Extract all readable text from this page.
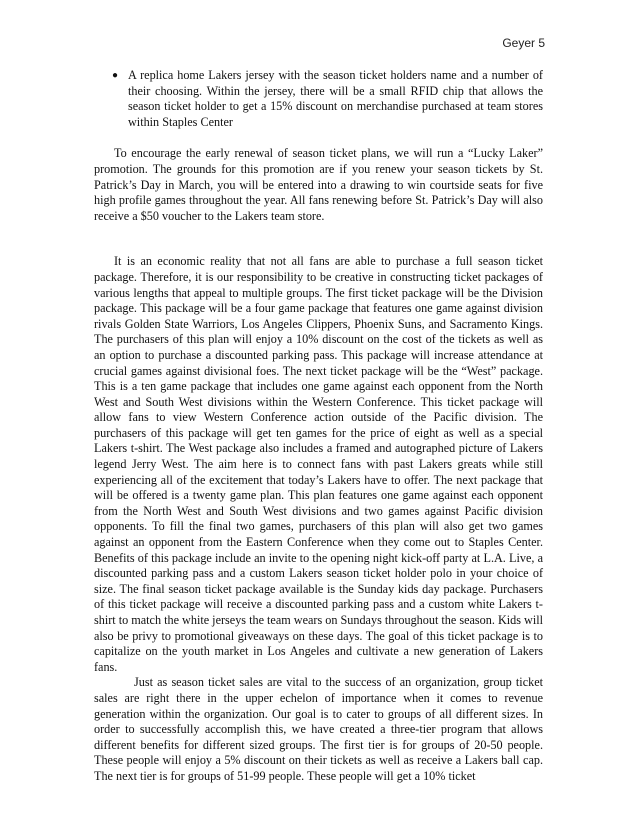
Geyer 5
● A replica home Lakers jersey with the season ticket holders name and a number of their choosing. Within the jersey, there will be a small RFID chip that allows the season ticket holder to get a 15% discount on merchandise purchased at team stores within Staples Center

To encourage the early renewal of season ticket plans, we will run a “Lucky Laker” promotion. The grounds for this promotion are if you renew your season tickets by St. Patrick’s Day in March, you will be entered into a drawing to win courtside seats for five high profile games throughout the year. All fans renewing before St. Patrick’s Day will also receive a $50 voucher to the Lakers team store.

It is an economic reality that not all fans are able to purchase a full season ticket package. Therefore, it is our responsibility to be creative in constructing ticket packages of various lengths that appeal to multiple groups. The first ticket package will be the Division package. This package will be a four game package that features one game against division rivals Golden State Warriors, Los Angeles Clippers, Phoenix Suns, and Sacramento Kings. The purchasers of this plan will enjoy a 10% discount on the cost of the tickets as well as an option to purchase a discounted parking pass. This package will increase attendance at crucial games against divisional foes. The next ticket package will be the “West” package. This is a ten game package that includes one game against each opponent from the North West and South West divisions within the Western Conference. This ticket package will allow fans to view Western Conference action outside of the Pacific division. The purchasers of this package will get ten games for the price of eight as well as a special Lakers t-shirt. The West package also includes a framed and autographed picture of Lakers legend Jerry West. The aim here is to connect fans with past Lakers greats while still experiencing all of the excitement that today’s Lakers have to offer. The next package that will be offered is a twenty game plan. This plan features one game against each opponent from the North West and South West divisions and two games against Pacific division opponents. To fill the final two games, purchasers of this plan will also get two games against an opponent from the Eastern Conference when they come out to Staples Center. Benefits of this package include an invite to the opening night kick-off party at L.A. Live, a discounted parking pass and a custom Lakers season ticket holder polo in your choice of size. The final season ticket package available is the Sunday kids day package. Purchasers of this ticket package will receive a discounted parking pass and a custom white Lakers t-shirt to match the white jerseys the team wears on Sundays throughout the season. Kids will also be privy to promotional giveaways on these days. The goal of this ticket package is to capitalize on the youth market in Los Angeles and cultivate a new generation of Lakers fans.

Just as season ticket sales are vital to the success of an organization, group ticket sales are right there in the upper echelon of importance when it comes to revenue generation within the organization. Our goal is to cater to groups of all different sizes. In order to successfully accomplish this, we have created a three-tier program that allows different benefits for different sized groups. The first tier is for groups of 20-50 people. These people will enjoy a 5% discount on their tickets as well as receive a Lakers ball cap. The next tier is for groups of 51-99 people. These people will get a 10% ticket
